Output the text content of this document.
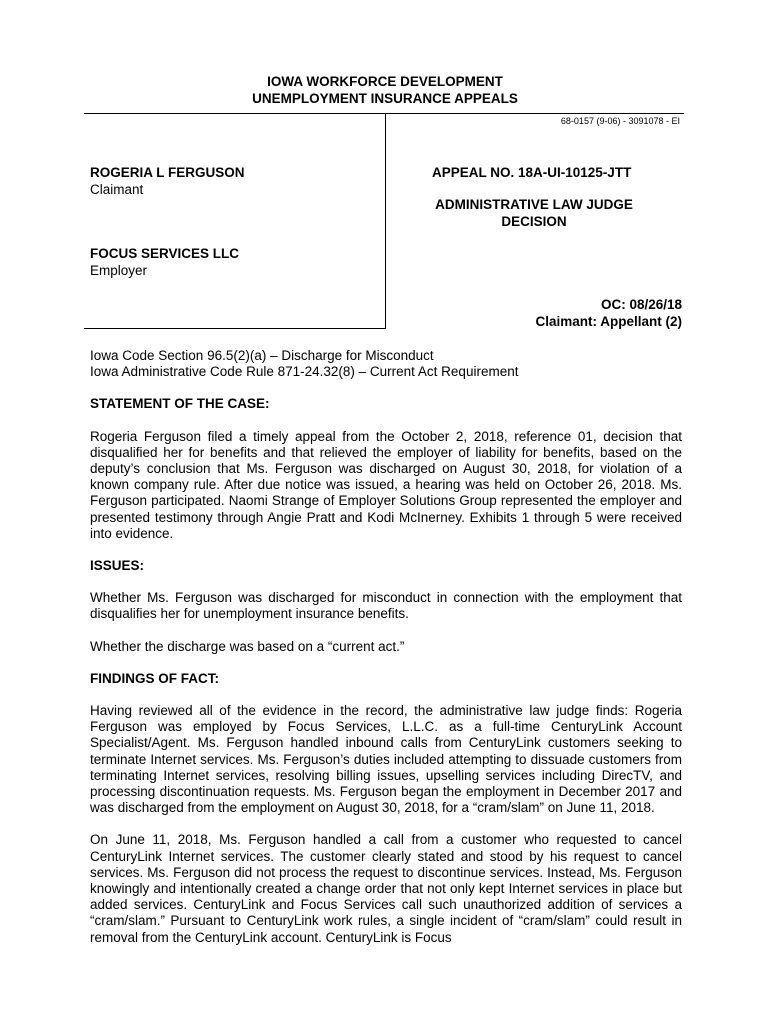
IOWA WORKFORCE DEVELOPMENT
UNEMPLOYMENT INSURANCE APPEALS
68-0157 (9-06) - 3091078 - EI
ROGERIA L FERGUSON
Claimant
FOCUS SERVICES LLC
Employer
APPEAL NO. 18A-UI-10125-JTT
ADMINISTRATIVE LAW JUDGE
DECISION
OC: 08/26/18
Claimant: Appellant (2)

Iowa Code Section 96.5(2)(a) – Discharge for Misconduct

Iowa Administrative Code Rule 871-24.32(8) – Current Act Requirement

STATEMENT OF THE CASE:

Rogeria Ferguson filed a timely appeal from the October 2, 2018, reference 01, decision that disqualified her for benefits and that relieved the employer of liability for benefits, based on the deputy’s conclusion that Ms. Ferguson was discharged on August 30, 2018, for violation of a known company rule. After due notice was issued, a hearing was held on October 26, 2018. Ms. Ferguson participated. Naomi Strange of Employer Solutions Group represented the employer and presented testimony through Angie Pratt and Kodi McInerney. Exhibits 1 through 5 were received into evidence.

ISSUES:

Whether Ms. Ferguson was discharged for misconduct in connection with the employment that disqualifies her for unemployment insurance benefits.

Whether the discharge was based on a “current act.”

FINDINGS OF FACT:

Having reviewed all of the evidence in the record, the administrative law judge finds: Rogeria Ferguson was employed by Focus Services, L.L.C. as a full-time CenturyLink Account Specialist/Agent. Ms. Ferguson handled inbound calls from CenturyLink customers seeking to terminate Internet services. Ms. Ferguson’s duties included attempting to dissuade customers from terminating Internet services, resolving billing issues, upselling services including DirecTV, and processing discontinuation requests. Ms. Ferguson began the employment in December 2017 and was discharged from the employment on August 30, 2018, for a “cram/slam” on June 11, 2018.

On June 11, 2018, Ms. Ferguson handled a call from a customer who requested to cancel CenturyLink Internet services. The customer clearly stated and stood by his request to cancel services. Ms. Ferguson did not process the request to discontinue services. Instead, Ms. Ferguson knowingly and intentionally created a change order that not only kept Internet services in place but added services. CenturyLink and Focus Services call such unauthorized addition of services a “cram/slam.” Pursuant to CenturyLink work rules, a single incident of “cram/slam” could result in removal from the CenturyLink account. CenturyLink is Focus
